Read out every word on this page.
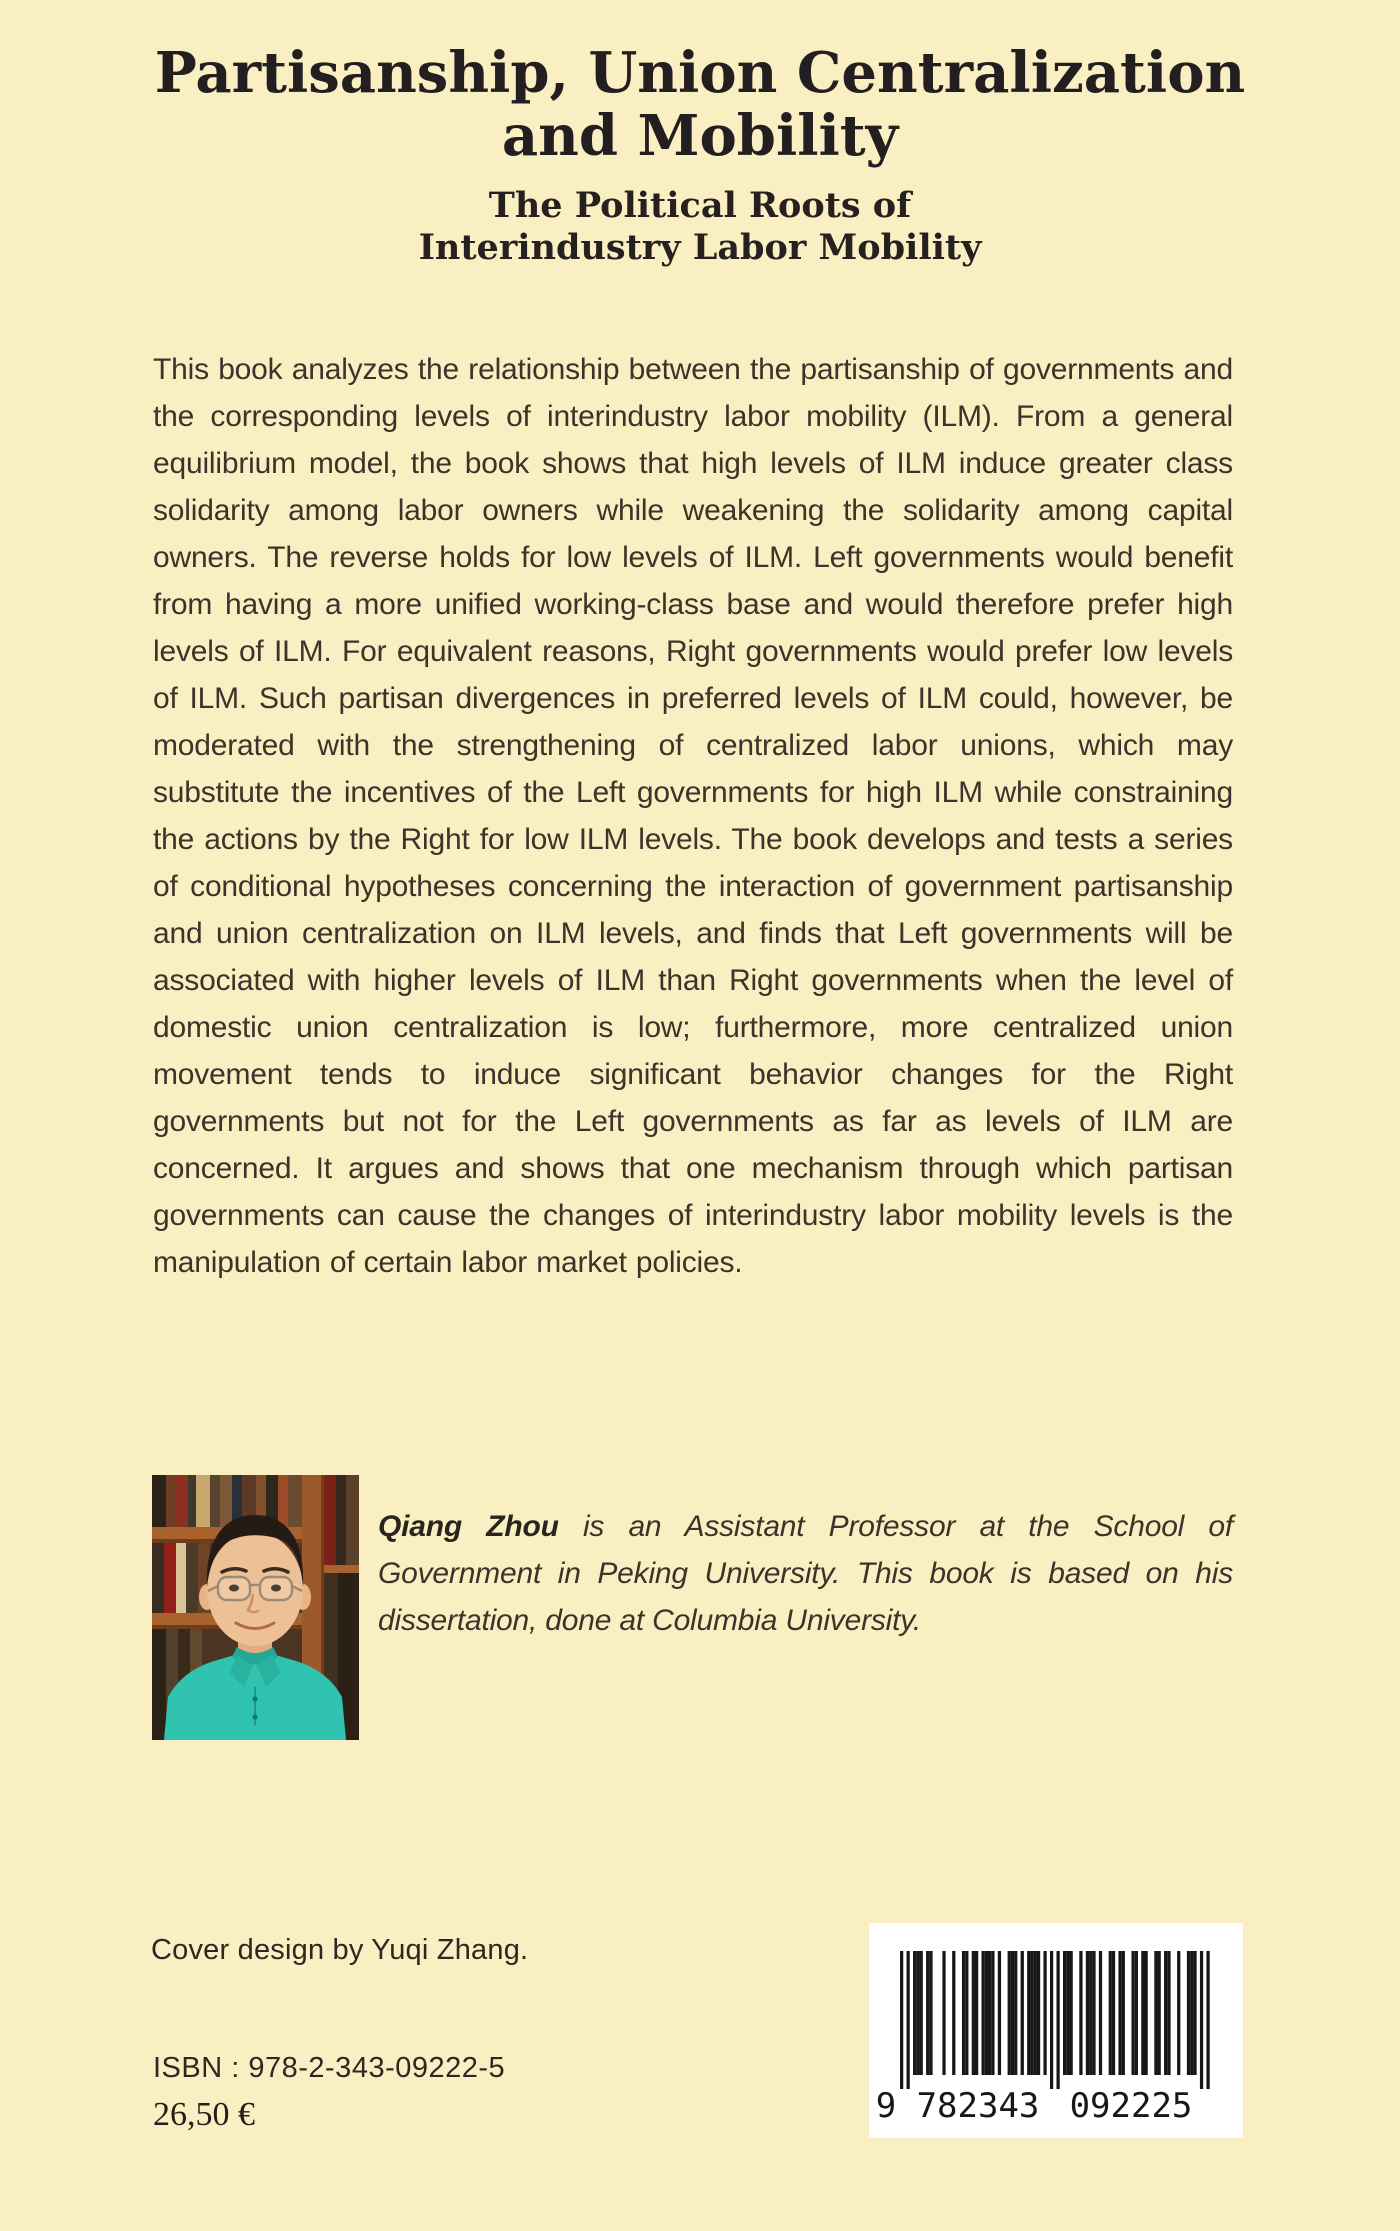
Partisanship, Union Centralization
and Mobility
The Political Roots of
Interindustry Labor Mobility

This book analyzes the relationship between the partisanship of governments and the corresponding levels of interindustry labor mobility (ILM). From a general equilibrium model, the book shows that high levels of ILM induce greater class solidarity among labor owners while weakening the solidarity among capital owners. The reverse holds for low levels of ILM. Left governments would benefit from having a more unified working-class base and would therefore prefer high levels of ILM. For equivalent reasons, Right governments would prefer low levels of ILM. Such partisan divergences in preferred levels of ILM could, however, be moderated with the strengthening of centralized labor unions, which may substitute the incentives of the Left governments for high ILM while constraining the actions by the Right for low ILM levels. The book develops and tests a series of conditional hypotheses concerning the interaction of government partisanship and union centralization on ILM levels, and finds that Left governments will be associated with higher levels of ILM than Right governments when the level of domestic union centralization is low; furthermore, more centralized union movement tends to induce significant behavior changes for the Right governments but not for the Left governments as far as levels of ILM are concerned. It argues and shows that one mechanism through which partisan governments can cause the changes of interindustry labor mobility levels is the manipulation of certain labor market policies.

Qiang Zhou is an Assistant Professor at the School of Government in Peking University. This book is based on his dissertation, done at Columbia University.

Cover design by Yuqi Zhang.
ISBN : 978-2-343-09222-5
26,50 €	9 782343 092225
